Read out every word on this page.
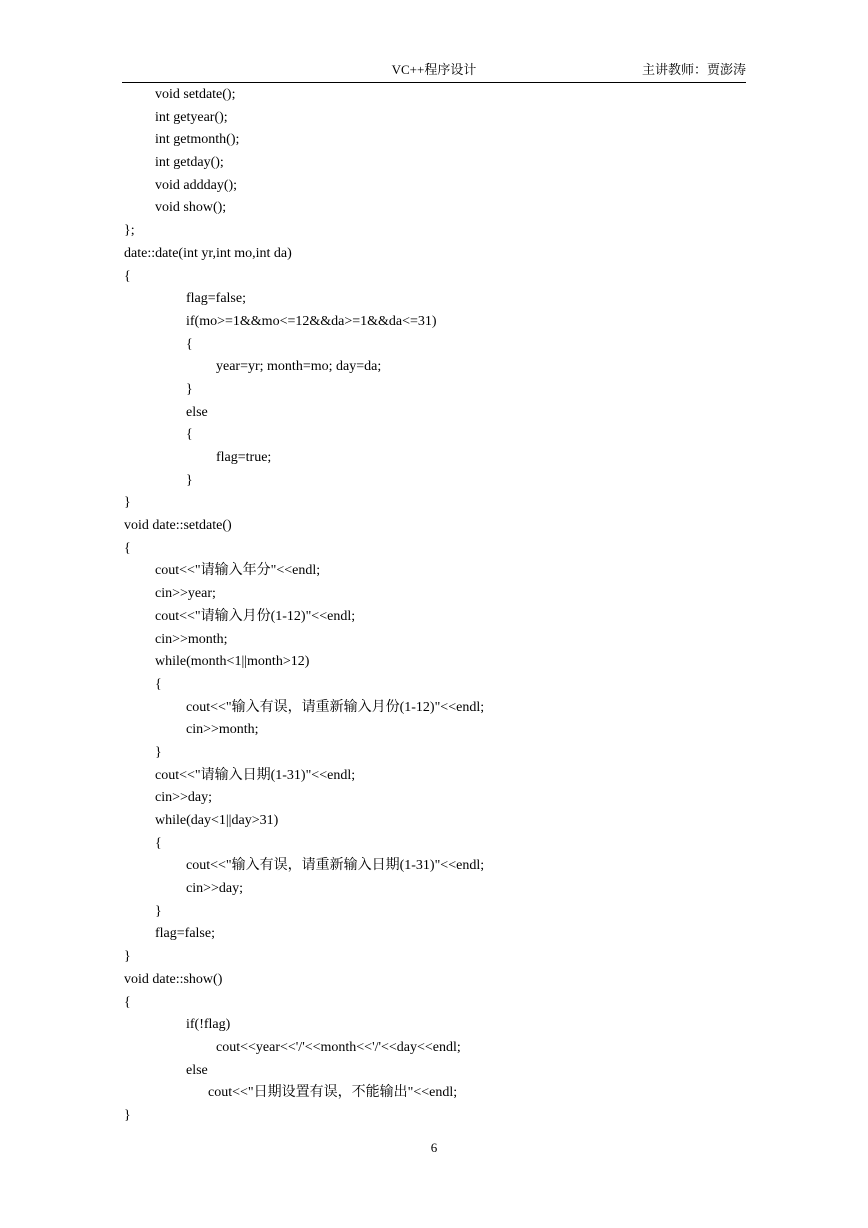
VC++程序设计	主讲教师：贾澎涛
void setdate();
int getyear();
int getmonth();
int getday();
void addday();
void show();
};
date::date(int yr,int mo,int da)
{
flag=false;
if(mo>=1&&mo<=12&&da>=1&&da<=31)
{
year=yr; month=mo; day=da;
}
else
{
flag=true;
}
}
void date::setdate()
{
cout<<"请输入年分"<<endl;
cin>>year;
cout<<"请输入月份(1-12)"<<endl;
cin>>month;
while(month<1||month>12)
{
cout<<"输入有误，请重新输入月份(1-12)"<<endl;
cin>>month;
}
cout<<"请输入日期(1-31)"<<endl;
cin>>day;
while(day<1||day>31)
{
cout<<"输入有误，请重新输入日期(1-31)"<<endl;
cin>>day;
}
flag=false;
}
void date::show()
{
if(!flag)
cout<<year<<'/'<<month<<'/'<<day<<endl;
else
cout<<"日期设置有误，不能输出"<<endl;
}
6
